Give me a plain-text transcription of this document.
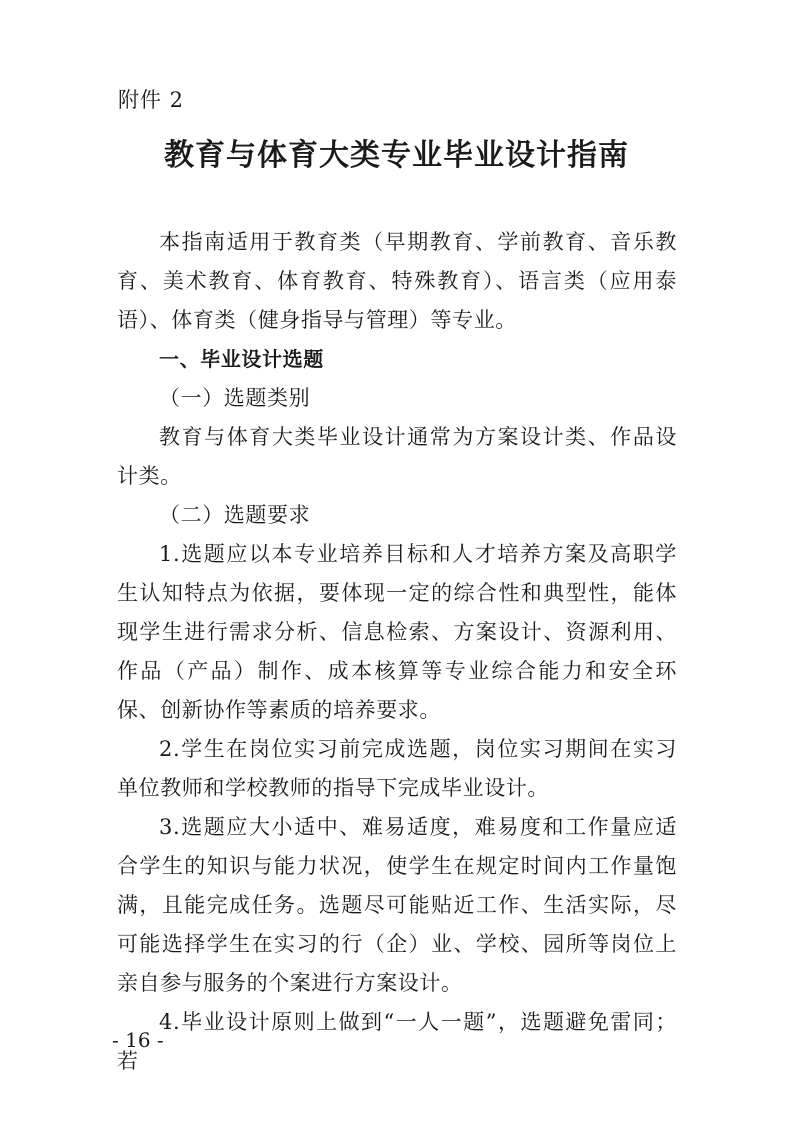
附件 2
教育与体育大类专业毕业设计指南

本指南适用于教育类（早期教育、学前教育、音乐教育、美术教育、体育教育、特殊教育）、语言类（应用泰语）、体育类（健身指导与管理）等专业。

一、毕业设计选题

（一）选题类别

教育与体育大类毕业设计通常为方案设计类、作品设计类。

（二）选题要求

1.选题应以本专业培养目标和人才培养方案及高职学生认知特点为依据，要体现一定的综合性和典型性，能体现学生进行需求分析、信息检索、方案设计、资源利用、作品（产品）制作、成本核算等专业综合能力和安全环保、创新协作等素质的培养要求。

2.学生在岗位实习前完成选题，岗位实习期间在实习单位教师和学校教师的指导下完成毕业设计。

3.选题应大小适中、难易适度，难易度和工作量应适合学生的知识与能力状况，使学生在规定时间内工作量饱满，且能完成任务。选题尽可能贴近工作、生活实际，尽可能选择学生在实习的行（企）业、学校、园所等岗位上亲自参与服务的个案进行方案设计。

4.毕业设计原则上做到“一人一题”，选题避免雷同；若

- 16 -
